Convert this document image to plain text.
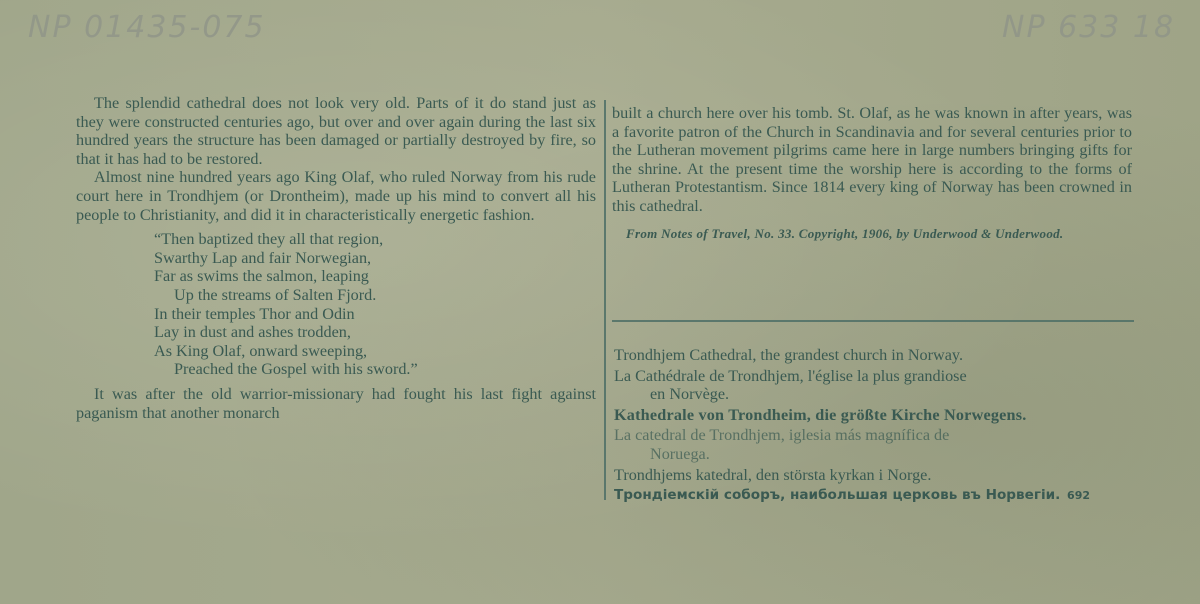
NP 01435-075	NP 633 18

The splendid cathedral does not look very old. Parts of it do stand just as they were constructed centuries ago, but over and over again during the last six hundred years the structure has been damaged or partially destroyed by fire, so that it has had to be restored.

Almost nine hundred years ago King Olaf, who ruled Norway from his rude court here in Trondhjem (or Drontheim), made up his mind to convert all his people to Christianity, and did it in characteristically energetic fashion.

“Then baptized they all that region,
Swarthy Lap and fair Norwegian,
Far as swims the salmon, leaping
Up the streams of Salten Fjord.
In their temples Thor and Odin
Lay in dust and ashes trodden,
As King Olaf, onward sweeping,
Preached the Gospel with his sword.”

It was after the old warrior-missionary had fought his last fight against paganism that another monarch

built a church here over his tomb. St. Olaf, as he was known in after years, was a favorite patron of the Church in Scandinavia and for several centuries prior to the Lutheran movement pilgrims came here in large numbers bringing gifts for the shrine. At the present time the worship here is according to the forms of Lutheran Protestantism. Since 1814 every king of Norway has been crowned in this cathedral.

From Notes of Travel, No. 33. Copyright, 1906, by Underwood & Underwood.

Trondhjem Cathedral, the grandest church in Norway.
La Cathédrale de Trondhjem, l'église la plus grandiose
en Norvège.
Kathedrale von Trondheim, die größte Kirche Norwegens.
La catedral de Trondhjem, iglesia más magnífica de
Noruega.
Trondhjems katedral, den största kyrkan i Norge.
Трондiемскiй соборъ, наибольшая церковь въ Норвегiи. 692
